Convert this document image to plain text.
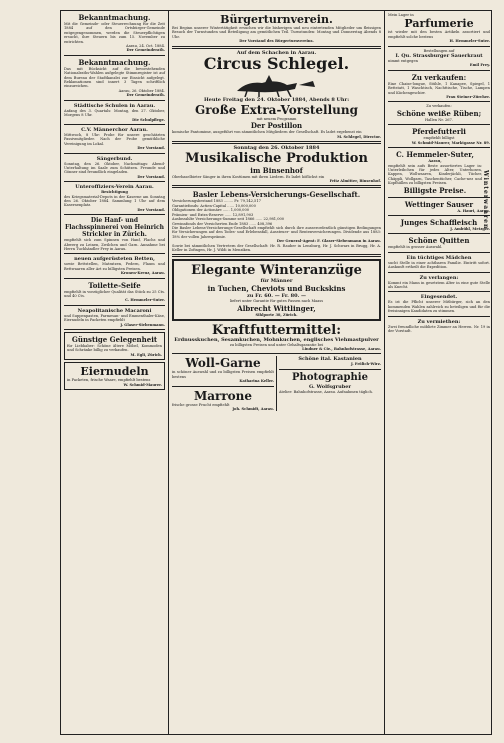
Bekanntmachung.
Mit die Gemeinde- oder Steuerrechnung für die Zeit 1884 auf den Ortsbürger-Gemeinde entgegengenommen, werden die Steuerpflichtigen ersucht, ihre Steuern bis zum 15. November zu entrichten.
Aarau, 24. Oct. 1884.
Der Gemeinderath.
Bekanntmachung.
Das mit Rücksicht auf die bevorstehenden Nationalraths-Wahlen aufgelegte Stimmregister ist auf dem Bureau der Stadtkanzlei zur Einsicht aufgelegt. Reklamationen sind innert 3 Tagen schriftlich einzureichen.
Aarau, 26. Oktober 1884.
Der Gemeinderath.
Städtische Schulen in Aarau.
Anfang des 3. Quartals: Montag, den 27. Oktober, Morgens 8 Uhr.
Die Schulpflege.
C.V. Männerchor Aarau.
Mittwoch, 8 Uhr: Probe für unsere geschätzten Passivmitglieder. Nach der Probe gemüthliche Vereinigung im Lokal.
Der Vorstand.
Sängerbund.
Sonntag, den 26. Oktober, Nachmittags: Abend-Unterhaltung im Saale zum Schützen. Freunde und Gönner sind freundlich eingeladen.
Der Vorstand.
Unteroffiziers-Verein Aarau.
Besichtigung
des Kriegsmaterial-Depots in der Kaserne am Sonntag den 26. Oktober 1884. Sammlung 1 Uhr auf dem Kasernenplatz.
Der Vorstand.
Die Hanf- und Flachsspinnerei von Heinrich Strickler in Zürich.
empfiehlt sich zum Spinnen von Hanf, Flachs und Abwerg zu Leinen, Zwilchen und Garn. Annahme bei Herrn Tuchhändler Frey in Aarau.
neuen aufgerüsteten Betten,
sowie Bettstellen, Matratzen, Federn, Flaum und Bettwaaren aller Art zu billigsten Preisen.
Kronen-Kreuz, Aarau.
Toilette-Seife
empfiehlt in vorzüglicher Qualität das Stück zu 25 Cts. und 40 Cts.
C. Hemmeler-Suter.
Neapolitanische Macaroni
und Suppenpasten, Parmesan- und Emmenthaler-Käse, Eiernudeln in Packeten empfiehlt
J. Glaser-Siebenmann.
Günstige Gelegenheit
für Liebhaber: Schöne ältere Möbel, Kommoden und Schränke billig zu verkaufen.
M. Egli, Zürich.
Eiernudeln
in Packeten, frische Waare, empfiehlt bestens
W. Schmid-Maurer.
Bürgerturnverein.
Bei Beginn unserer Wintertätigkeit ersuchen wir die bisherigen und neu eintretenden Mitglieder um fleissigen Besuch der Turnstunden und Beteiligung am gemütlichen Teil. Turnstunden: Montag und Donnerstag Abends 8 Uhr.
Der Vorstand des Bürgerturnvereins.
Auf dem Schachen in Aarau.
Circus Schlegel.
Heute Freitag den 24. Oktober 1884, Abends 8 Uhr:
Große Extra-Vorstellung
mit neuem Programm
Der Postillon
komische Pantomime, ausgeführt von sämmtlichen Mitgliedern der Gesellschaft. Es ladet ergebenst ein
M. Schlegel, Director.
Sonntag den 26. Oktober 1884
Musikalische Produktion
im Binsenhof
Oberbaselbieter Sänger in ihren Kostümen mit ihren Liedern. Es ladet höflichst ein
Fritz Almitter, Binsenhof.
Basler Lebens-Versicherungs-Gesellschaft.
Versicherungsbestand 1883 ........ Fr. 79,142,517
Garantiefonds: Actien-Capital ...... 10,000,000
Obligationen der Actionäre ...... 1,000,000
Prämien- und Extra-Reserve ...... 12,891,903
Ausbezahlte Versicherungs-Summe seit 1866 ...... 22,981,000
Gewinnfonds der Versicherten Ende 1883 ...... 408,396
Die Basler Lebens-Versicherungs-Gesellschaft empfiehlt sich durch ihre ausserordentlich günstigen Bedingungen für Versicherungen auf den Todes- und Erlebensfall, Aussteuer- und Rentenversicherungen. Dividende aus 1883: 18% der vollen Jahresprämie.
Der General-Agent: F. Glaser-Siebenmann in Aarau.
Sowie bei sämmtlichen Vertretern der Gesellschaft: Hr. R. Rauber in Lenzburg, Hr. J. Schwarz in Brugg, Hr. A. Keller in Zofingen, Hr. J. Wildi in Menziken.
Elegante Winteranzüge
für Männer
in Tuchen, Cheviots und Buckskins
zu Fr. 60. — Fr. 80. —
liefert unter Garantie für gutes Passen nach Maass
Albrecht Wittlinger,
Sihlporte 38, Zürich.
Kraftfuttermittel:
Erdnusskuchen, Sesamkuchen, Mohnkuchen, englisches Viehmastpulver
zu billigsten Preisen und unter Gehaltsgarantie bei
Lindner & Cie., Bahnhofstrasse, Aarau.
Woll-Garne
in schöner Auswahl und zu billigsten Preisen empfiehlt bestens
Katharina Keller.
Marrone
frische grosse Frucht empfiehlt
Joh. Schmidt, Aarau.
Schöne ital. Kastanien
J. Frölich-Wirz.
Photographie
G. Wolfsgruber
Atelier: Bahnhofstrasse, Aarau. Aufnahmen täglich.
Mein Lager in
Parfumerie
ist wieder mit den besten Artikeln assortiert und empfiehlt solche bestens
H. Hemmeler-Suter.
Bestellungen auf
I. Qu. Strassburger Sauerkraut
nimmt entgegen
Emil Frey.
Zu verkaufen:
Eine Chaise-longue, Stühle, 1 Kanapee, Spiegel, 1 Bettstatt, 1 Waschtisch, Nachttische, Tische, Lampen und Küchengeschirr.
Frau Steiner-Zürcher.
Zu verkaufen:
Schöne weiße Rüben;
Hallen Nr. 267.
Pferdefutterli
empfiehlt billigst
W. Schmid-Maurer, Marktgasse Nr. 89.
C. Hemmeler-Suter,
Aarau,
empfiehlt sein aufs Beste assortiertes Lager in: Unterleibchen für jedes Alter, Unterhosen, Kappen, Wollwaaren, Kinderjäckli, Tücher, Chäppli, Wollgarn, Taschentücher, Cache-nez und Kopfhüllen zu billigsten Preisen.
Billigste Preise.	Winterwaaren
Wettinger Sauser
A. Hauri, Aarau.
Junges Schaffleisch
J. Ambühl, Metzger.
Schöne Quitten
empfiehlt in grosser Auswahl.
Ein tüchtiges Mädchen
sucht Stelle in einer achtbaren Familie. Eintritt sofort. Auskunft ertheilt die Expedition.
Zu verlangen:
Kommt ein Mann in gesetztem Alter in eine gute Stelle als Knecht.
Eingesendet.
Es ist die Pflicht unserer Mitbürger, sich an den kommenden Wahlen zahlreich zu beteiligen und für die freisinnigen Kandidaten zu stimmen.
Zu vermiethen:
Zwei freundliche möblirte Zimmer an Herren. Nr. 19 in der Vorstadt.
